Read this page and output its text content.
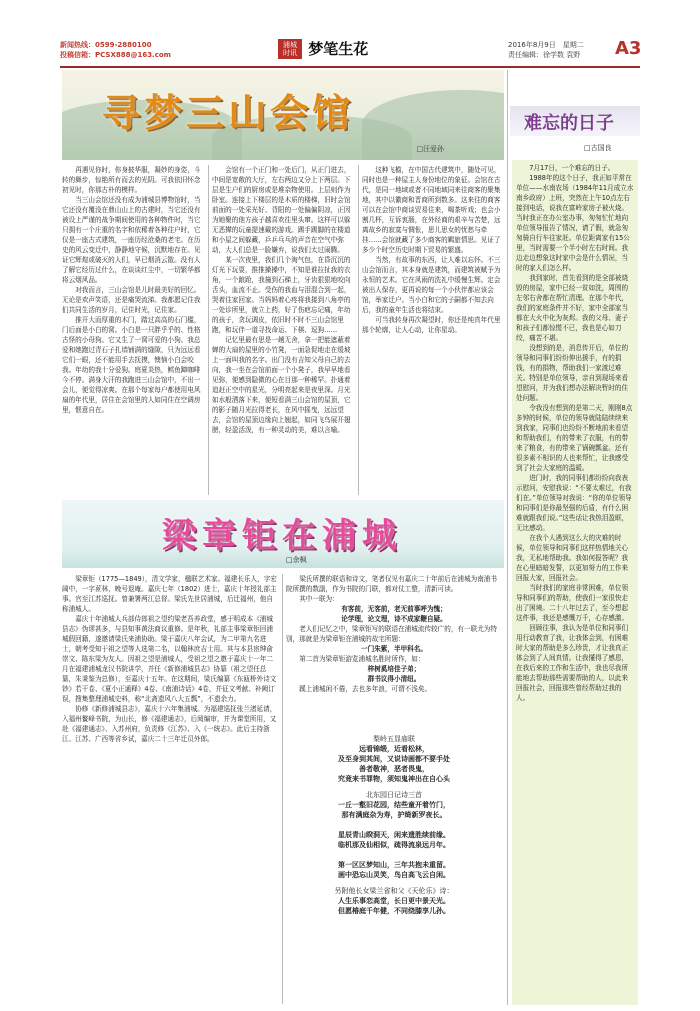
新闻热线：0599-2880100
投稿信箱：PCSX888@163.com
浦城时讯 梦笔生花	2016年8月9日　星期二
责任编辑：徐学数 袁野 A3
寻梦三山会馆
□汪爱孙

再遇见你时，你身披华服，凝妙的身姿，斗转的舞步，惊艳所有而去的光阴。可我依旧怀念初见时，你那古朴的模样。

当三山会馆还没有成为浦城县博物馆时，当它还没有覆没在鼎山山上的古建时，当它还没有被设上严谨的战争期间使用的各种物件时，当它只拥有一个庄重的名字和依稀着各种往户时，它仅是一座古式建筑，一座历经沧桑的老宅。在历史的风云变迁中，静静地守候，沉默地存在。见证它辉煌或破灭的人们，早已烟消云散。没有人了解它经历过什么，在谈谈红尘中，一切繁华都将云烟风品。

对我而言，三山会馆是儿时最美好的回忆。无论是欢声笑语，还是痛哭流涕。我都愿记住我们共同生活的岁月，记住时光，记住家。

推开大而厚重的木门，踏过高高的石门槛，门后面是小白的窝。小白是一只胖乎乎的、性格古怪的小母狗。它又生了一窝可爱的小狗。我总爱和她跑过青石子扎墙铺满的缝隙，只为远远看它们一眼，还不能用手去抚摸，懊恼小白会咬我。年幼的我十分爱狗。庭夏炎热，鳕鱼蹿咖啡今不停。满身大汗的我跑进三山会馆中，不出一会儿，便觉得凉爽。在那个每家每户都使用电风扇的年代里，居住在会馆里的人如同住在空调房里，惬意自在。

会馆有一个正门和一处后门，从正门进去，中间是宽敞的大厅，左右两边又分上下两层。下层是生户们的厨房或是堆杂物使用。上层则作为卧室。连接上下楼层的是木质的楼梯，旧时会馆前面的一处采光好、背阳的一处偏偏阴凉，正因为她聚的他方孩子越喜欢往里头窜。这样可以躲无恶撵的玩童提速戴的游戏。踢手踢脚的在楼道和小屋之间躲藏，乒乒乓乓的声音在空气中弥动，大人们总是一脸嫌弃，说我们太过闹腾。

某一次夜里，我们几个淘气包，在昏沉沉的灯光下玩耍，推推搡搡中，不知是谁拉扯我的衣角，一个踉跄，我撞到石梯上，牙齿狠狠地咬向舌头，血流不止。受伤的我血与泪混合到一起，哭着往家回家。当妈妈着心疼将我搂到八角亭的一处诊所里，就立上药，好了伤疤忘记痛，年幼的孩子，贪玩调皮，依旧时不时不三山会馆里跑，和玩伴一道寻找命运、下棋、逗狗……

记忆里最有思是一趟无舍，拿一把能遮蔽着蝉的大扇的屋里的小竹凳，一面急促地走在缓坡上一面叫我的名字。出门没有吉知父母自己的去向，我一坐在会馆前面一个小凳子，我早早地看见弥，便感到隐微的心在目那一种稀罕。扑通着追赶正空中的星光，分明亮起来是夜里深。月光如水般洒落下来，便短看满三山会馆的屋顶，它的影子随月光拉得老长，在风中摇曳，远远望去，会馆的屋顶边缘向上翘起，如同飞鸟展开翅膀，轻盈活泼，有一种灵动的美，难以言喻。

这种飞檐，在中国古代建筑中，随处可见，同时也是一种屋主人身份地位的象征。会馆在古代，是同一地域或者不同地域同来往商客的聚集地，其中以徽商和晋商所到数多。这来往的商客可以在会馆中商谈贸易往来，喝茶听戏；也会小割几杯，互诉衷肠，在外经商的艰辛与苦楚，远离故乡的寂寞与惆怅，思儿思女的忧愁与牵挂……会馆就藏了多少商客的羁旅情思。见证了多少个时空历史时期下贸易的繁盛。

当然，有故事的东西，让人难以忘怀。不三山会馆而言，其本身就是建筑，而建筑被赋予为永恒的艺术。它在风雨的洗礼中缓慢生辉。定会被出人保存，更再说的每一个小伙伴都应该会馆，举家迁户。当小白和它的子嗣都不知去向后，我的童年生活也将结束。

可当我转身再次凝望时，你还是纯真年代里那个轮廓，让人心动，让你星动。

梁章钜在浦城
□余枫

梁章钜（1775—1849），清文学家，楹联艺术家。福建长乐人，字宏阔中，一字茝林，晚号退庵。嘉庆七年（1802）进士，嘉庆十年授礼部主事。官至江苏巡抚。曾兼署两江总督。梁氏先世居浦城，后迁福州，他自称浦城人。

嘉庆十年浦城人兵部侍郎祖之望约梁老吾养政堂，感于明成本《浦城县志》伪谬甚多，与县知事黄法商议重修。是年秋，礼部主事梁章钜回浦城假回籍，遂邀请梁氏来浦协助。梁于嘉庆八年会试，为二甲第九名进士，朝考受知于祖之望等人选第二名，以翰林庶吉士用。其与本县宦绅俞崇文、陈东梁为友人。因祖之望是浦城人，受祖之望之邀于嘉庆十一年二月在福建浦城龙汉书院讲学，并任《新修浦城县志》协纂（祖之望任总纂，朱秉鉴为总修），至嘉庆十五年。在这期间，梁氏编纂《东瓯桥外诗文钞》若干卷、《夏小正通释》4卷、《南浦诗话》4卷，并征文考献、补阙订误，搜集整理浦城史料，称“北斋遗风八大五瓢”，不遗余力。

协修《新修浦城县志》，嘉庆十六年集浦城。为福建巡抚张兰渚延请，入福州鳌峰书院，为山长，修《福建通志》，后阅编审，并为课堂所用，又赴《福建通志》、入苏州府，负责修《江苏》、入《一统志》。此后主持浙江、江苏、广西等省乡试，嘉庆二十三年迁员外郎。

梁氏所撰的联语和诗文，笔者仅见有嘉庆二十年前后在浦城为南浦书院所撰的数副，作为书院的门联，都对仗工整，清新可读。

其中一联为：

有客前，无客前，老无前事呼为愧；

论学理，论文理，诗不成家鞭自疑。

老人们记忆之中，梁章钜写的联语在浦城流传较广的，有一联尤为特别，那就是为梁章钜在浦城的故宅所题：

一门朱紫，半甲科名。

第二首为梁章钜游览浦城名胜时所作，如：

梓树奚培佳子弟；

群书议得小清纽。

蹊上浦城闲不倦，去也多年浪，可谓不浅矣。

梨岭五显庙联
远看锦缎，近看松林，
及至身到其间，又说诗画都不要手处
善者敬神，恶者畏鬼，
究竟来书罪物，须知鬼神出在自心头
北东园日记诗三首
一丘一壑旧花园，结些童开着竹门，
那有满庭杂为寿，护绮新罗夜长。

星辰青山睽洞天，闲来遗胜续前缘。
临机那及仙相似，疏得流泉远月年。

第一区区梦知山，三年共抱未重留。
画中恐忘山灵笑，鸟自高飞云自闲。
另附他长女梁兰省和父《天伦乐》诗：
人生乐事恋高堂，长日更中景天光。
但愿椿庭千年健，不同绕膝享儿孙。
难忘的日子
□古国良

7月17日，一个难忘的日子。

1988年的这个日子，我正如平常在单位——水南农场（1984年11月成立水南乡政府）上班，突然在上午10点左右接到电话，说我在富岭家房子被火烧。当时我正在办公室办事，匆匆忙忙地向单位领导报告了情况，请了假，就急匆匆骑自行车往家赶。单位距离家有15公里，当时需要一个半小时左右时间。我边走边想象这时家中会是什么情况，当时的家人们怎么样。

我到家时，首先看到的是全部被烧毁的房屋，家中已经一贫如洗，周围的左邻右舍都在帮忙清理。在那个年代，我们的家庭条件并不好，家中全部家当都在大火中化为灰烬。我的父母、妻子和孩子们都惊慌不已，我也是心如刀绞，痛苦不堪。

没想到的是，消息传开后，单位的领导和同事们纷纷伸出援手，有的捐钱，有的捐物，帮助我们一家渡过难关。特别是单位领导，亲自到现场来看望慰问，并为我们想办法解决暂时的住处问题。

令我没有想到的是第二天，刚刚8点多钟的时候，单位的领导就陆陆续续来到我家，同事们也纷纷不断地前来看望和帮助我们，有的带来了衣服，有的带来了粮食，有的带来了锅碗瓢盆。还有很多素不相识的人也来帮忙，让我感受到了社会大家庭的温暖。

进门时，我的同事们都纷纷向我表示慰问，安慰我说：“不要太难过，有我们在。”单位领导对我说：“你的单位领导和同事们是你最坚强的后盾，有什么困难就跟我们说。”这些话让我热泪盈眶，无比感动。

在我个人遇到这么大的灾难的时候，单位领导和同事们这样热情地关心我，无私地帮助我。我如何报答呢？我在心里暗暗发誓，以更加努力的工作来回报大家，回报社会。

当时我们的家庭非常困难，单位领导和同事们的帮助，使我们一家很快走出了困境。二十八年过去了，至今想起这件事，我还是感慨万千，心存感激。

回顾往事，我认为是单位和同事们用行动教育了我，让我体会到，有困难时大家的帮助是多么珍贵，才让我真正体会到了人间真情。让我懂得了感恩，在我后来的工作和生活中，我也尽我所能地去帮助那些需要帮助的人，以此来回报社会，回报那些曾经帮助过我的人。
